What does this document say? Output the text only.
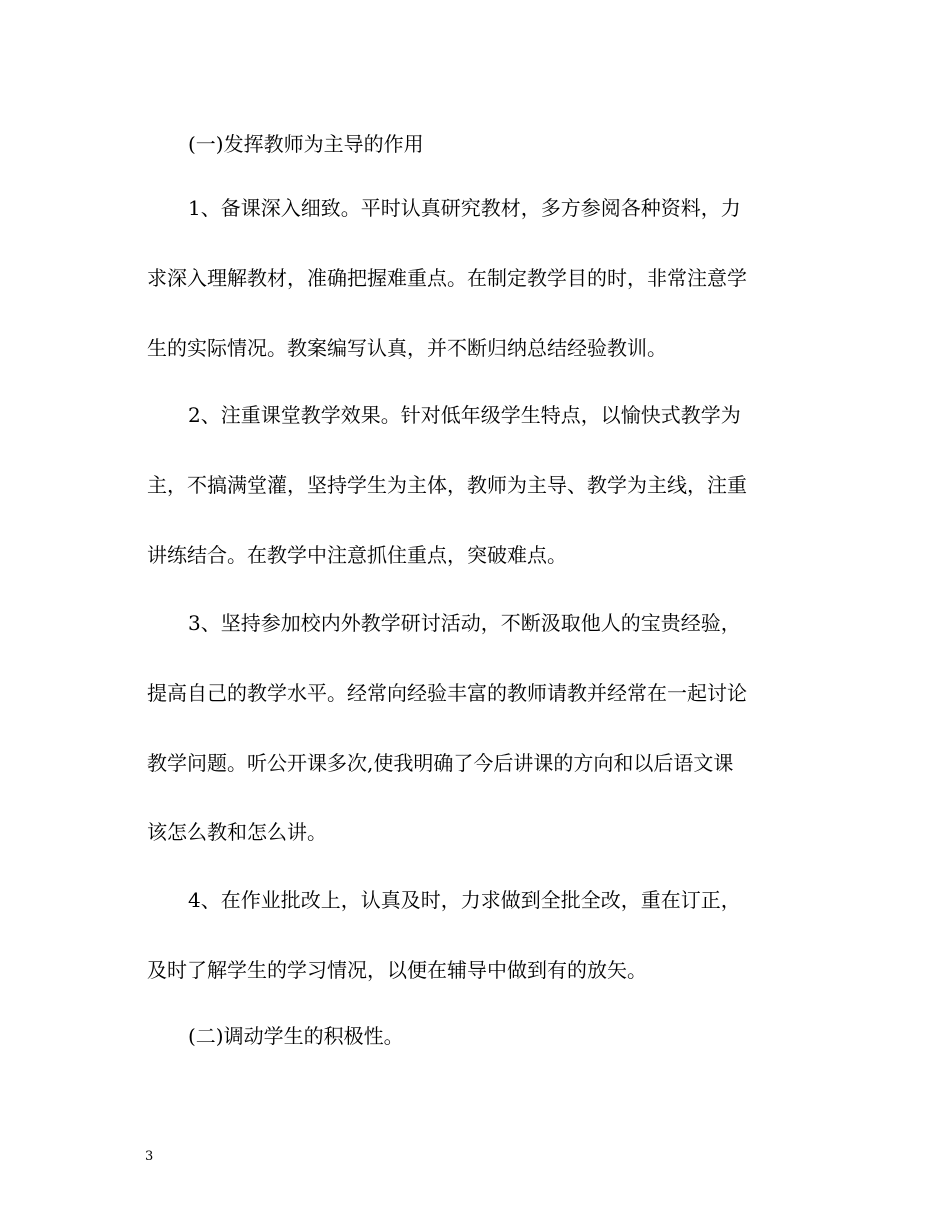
(一)发挥教师为主导的作用
1、备课深入细致。平时认真研究教材，多方参阅各种资料，力
求深入理解教材，准确把握难重点。在制定教学目的时，非常注意学
生的实际情况。教案编写认真，并不断归纳总结经验教训。
2、注重课堂教学效果。针对低年级学生特点，以愉快式教学为
主，不搞满堂灌，坚持学生为主体，教师为主导、教学为主线，注重
讲练结合。在教学中注意抓住重点，突破难点。
3、坚持参加校内外教学研讨活动，不断汲取他人的宝贵经验，
提高自己的教学水平。经常向经验丰富的教师请教并经常在一起讨论
教学问题。听公开课多次,使我明确了今后讲课的方向和以后语文课
该怎么教和怎么讲。
4、在作业批改上，认真及时，力求做到全批全改，重在订正，
及时了解学生的学习情况，以便在辅导中做到有的放矢。
(二)调动学生的积极性。
3
